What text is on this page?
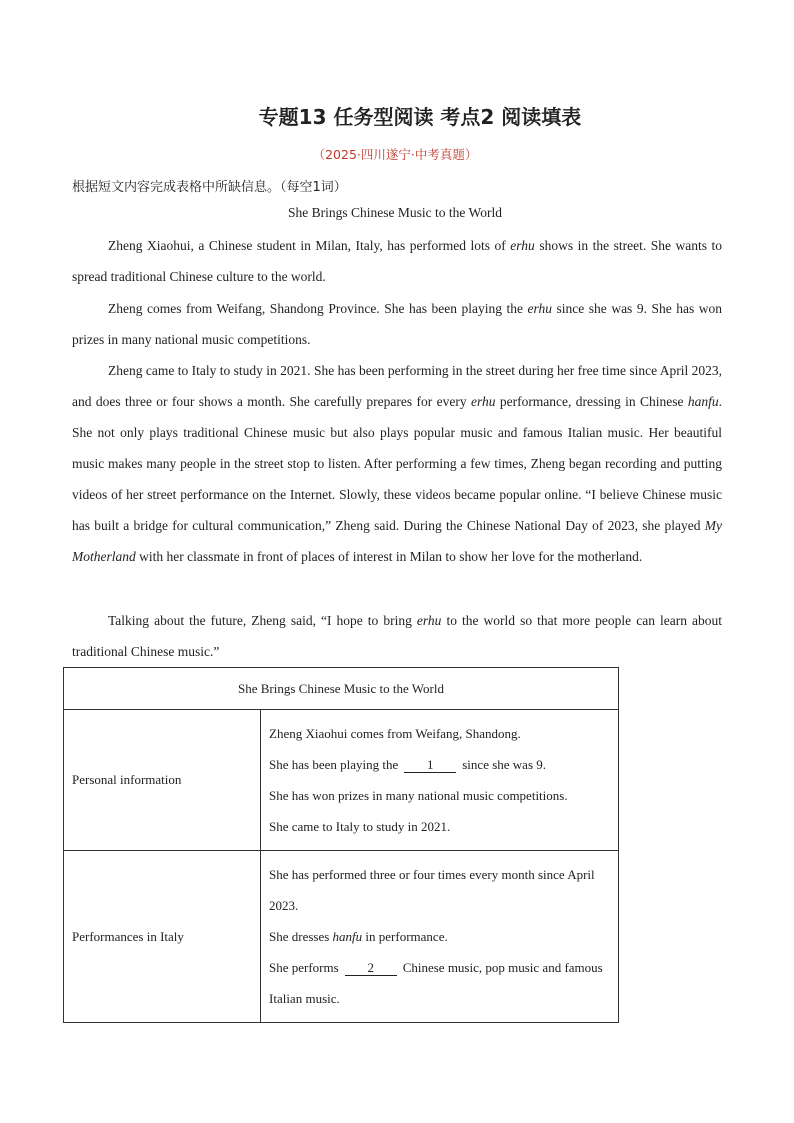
专题13 任务型阅读 考点2 阅读填表
（2025·四川遂宁·中考真题）
根据短文内容完成表格中所缺信息。（每空1词）
She Brings Chinese Music to the World

Zheng Xiaohui, a Chinese student in Milan, Italy, has performed lots of erhu shows in the street. She wants to spread traditional Chinese culture to the world.

Zheng comes from Weifang, Shandong Province. She has been playing the erhu since she was 9. She has won prizes in many national music competitions.

Zheng came to Italy to study in 2021. She has been performing in the street during her free time since April 2023, and does three or four shows a month. She carefully prepares for every erhu performance, dressing in Chinese hanfu. She not only plays traditional Chinese music but also plays popular music and famous Italian music. Her beautiful music makes many people in the street stop to listen. After performing a few times, Zheng began recording and putting videos of her street performance on the Internet. Slowly, these videos became popular online. “I believe Chinese music has built a bridge for cultural communication,” Zheng said. During the Chinese National Day of 2023, she played My Motherland with her classmate in front of places of interest in Milan to show her love for the motherland.

Talking about the future, Zheng said, “I hope to bring erhu to the world so that more people can learn about traditional Chinese music.”

She Brings Chinese Music to the World	
Personal information	Zheng Xiaohui comes from Weifang, Shandong.
She has been playing the 1 since she was 9.
She has won prizes in many national music competitions.
She came to Italy to study in 2021.

Performances in Italy	She has performed three or four times every month since April 2023.
She dresses hanfu in performance.
She performs 2 Chinese music, pop music and famous Italian music.
